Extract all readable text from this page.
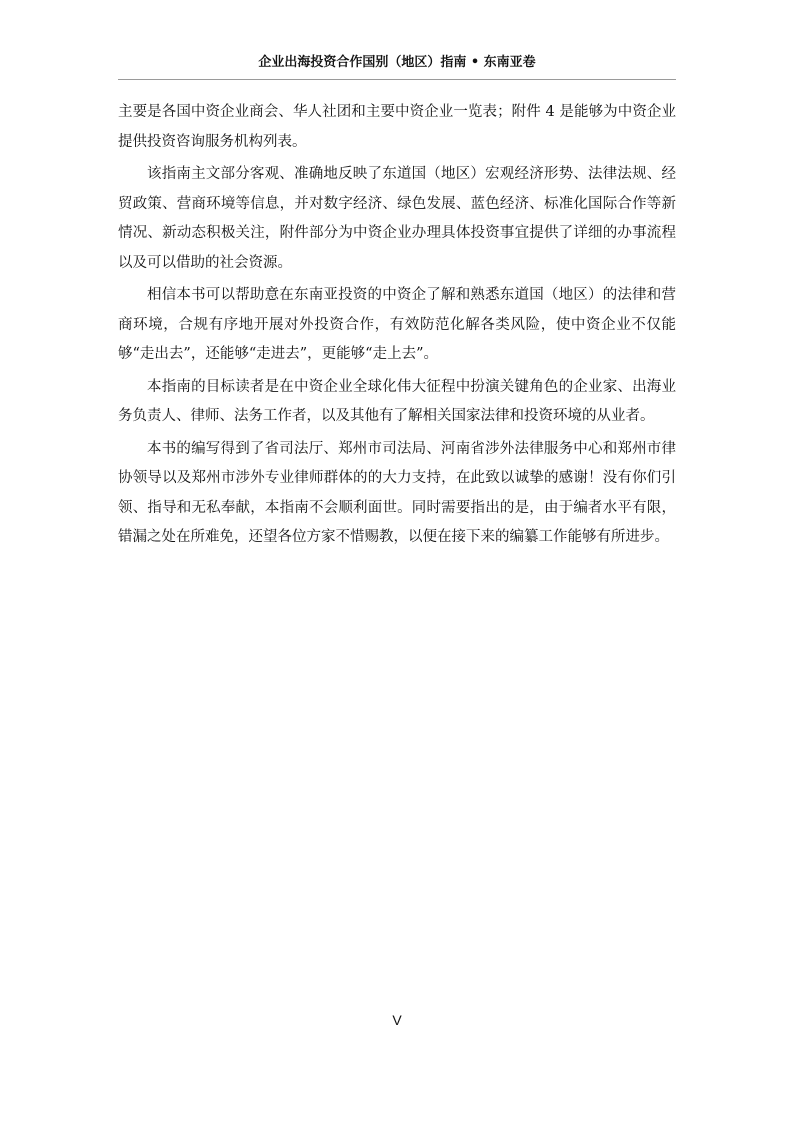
企业出海投资合作国别（地区）指南 • 东南亚卷

主要是各国中资企业商会、华人社团和主要中资企业一览表；附件 4 是能够为中资企业提供投资咨询服务机构列表。

该指南主文部分客观、准确地反映了东道国（地区）宏观经济形势、法律法规、经贸政策、营商环境等信息，并对数字经济、绿色发展、蓝色经济、标准化国际合作等新情况、新动态积极关注，附件部分为中资企业办理具体投资事宜提供了详细的办事流程以及可以借助的社会资源。

相信本书可以帮助意在东南亚投资的中资企了解和熟悉东道国（地区）的法律和营商环境，合规有序地开展对外投资合作，有效防范化解各类风险，使中资企业不仅能够“走出去”，还能够“走进去”，更能够“走上去”。

本指南的目标读者是在中资企业全球化伟大征程中扮演关键角色的企业家、出海业务负责人、律师、法务工作者，以及其他有了解相关国家法律和投资环境的从业者。

本书的编写得到了省司法厅、郑州市司法局、河南省涉外法律服务中心和郑州市律协领导以及郑州市涉外专业律师群体的的大力支持，在此致以诚挚的感谢！没有你们引领、指导和无私奉献，本指南不会顺利面世。同时需要指出的是，由于编者水平有限，错漏之处在所难免，还望各位方家不惜赐教，以便在接下来的编纂工作能够有所进步。

V
